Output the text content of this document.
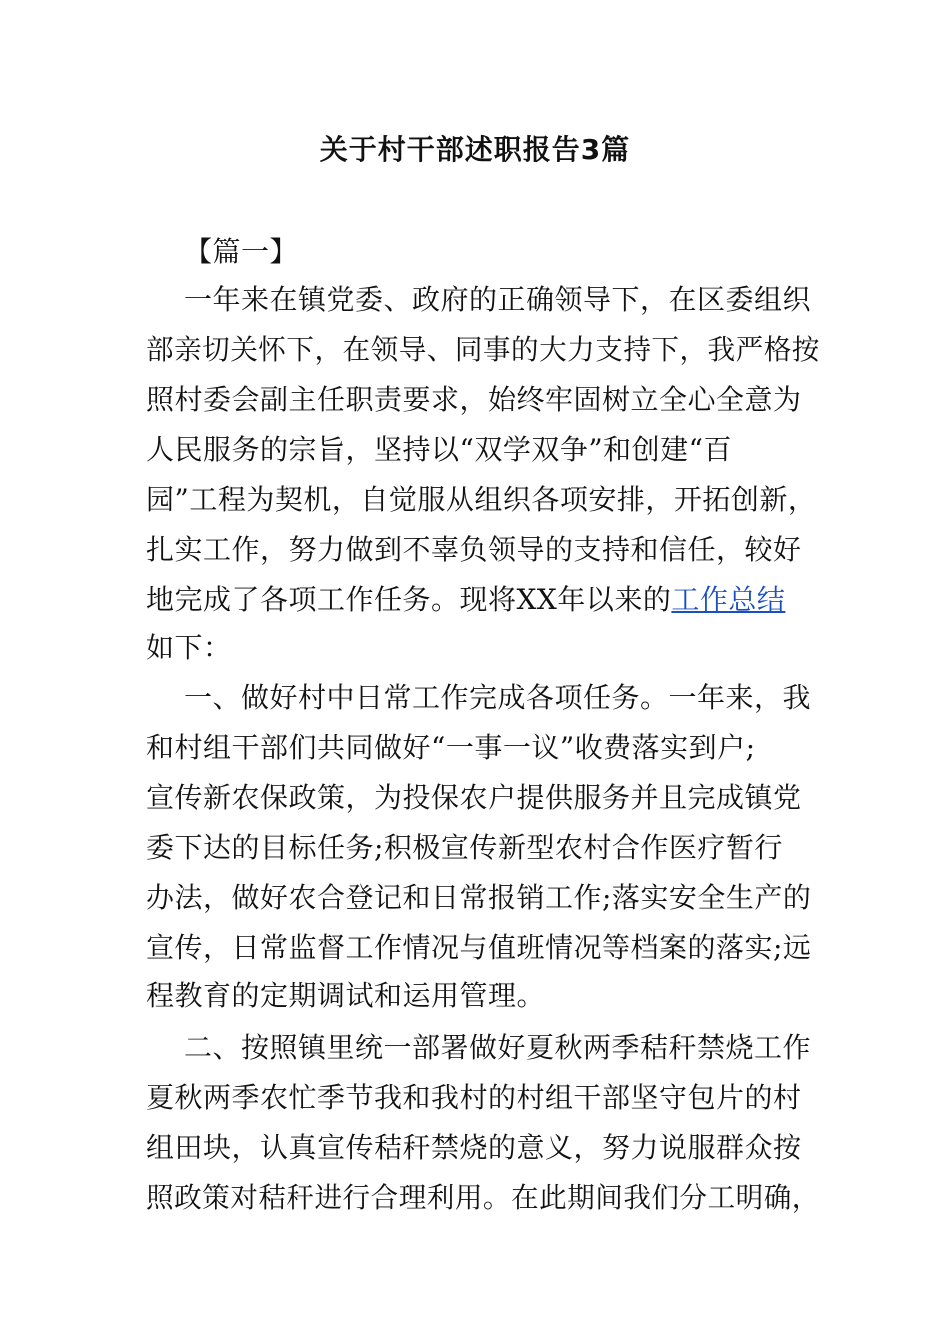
关于村干部述职报告3篇
【篇一】
一年来在镇党委、政府的正确领导下，在区委组织
部亲切关怀下，在领导、同事的大力支持下，我严格按
照村委会副主任职责要求，始终牢固树立全心全意为
人民服务的宗旨，坚持以“双学双争”和创建“百
园”工程为契机，自觉服从组织各项安排，开拓创新，
扎实工作，努力做到不辜负领导的支持和信任，较好
地完成了各项工作任务。现将XX年以来的工作总结
如下：
一、做好村中日常工作完成各项任务。一年来，我
和村组干部们共同做好“一事一议”收费落实到户;
宣传新农保政策，为投保农户提供服务并且完成镇党
委下达的目标任务;积极宣传新型农村合作医疗暂行
办法，做好农合登记和日常报销工作;落实安全生产的
宣传，日常监督工作情况与值班情况等档案的落实;远
程教育的定期调试和运用管理。
二、按照镇里统一部署做好夏秋两季秸秆禁烧工作
夏秋两季农忙季节我和我村的村组干部坚守包片的村
组田块，认真宣传秸秆禁烧的意义，努力说服群众按
照政策对秸秆进行合理利用。在此期间我们分工明确，
